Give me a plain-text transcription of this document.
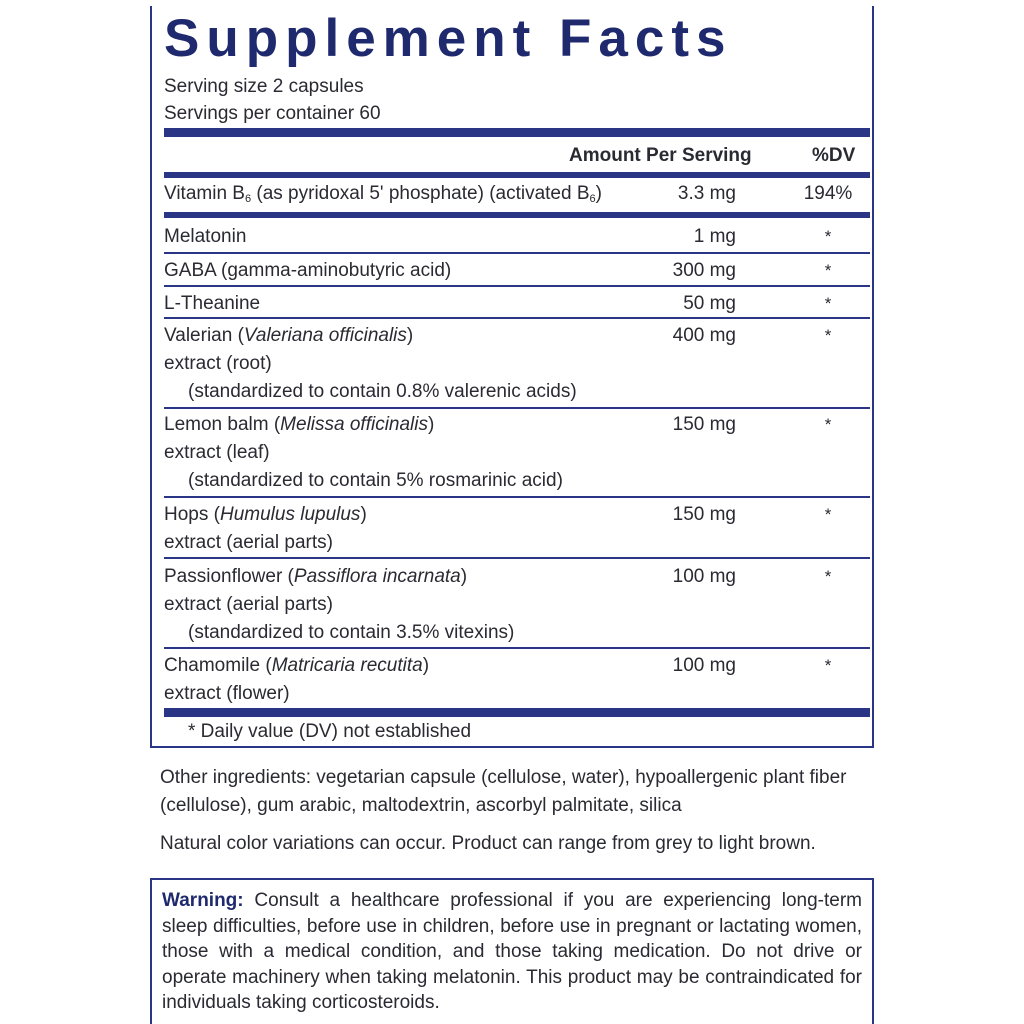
Supplement Facts
Serving size 2 capsules
Servings per container 60
Amount Per Serving	%DV
Vitamin $B_6$ (as pyridoxal 5' phosphate) (activated $B_6$)	3.3 mg	194%
Melatonin	1 mg	*
GABA (gamma-aminobutyric acid)	300 mg	*
L-Theanine	50 mg	*
Valerian (Valeriana officinalis)
extract (root)
(standardized to contain 0.8% valerenic acids)
400 mg	*
Lemon balm (Melissa officinalis)
extract (leaf)
(standardized to contain 5% rosmarinic acid)
150 mg	*
Hops (Humulus lupulus)
extract (aerial parts)
150 mg	*
Passionflower (Passiflora incarnata)
extract (aerial parts)
(standardized to contain 3.5% vitexins)
100 mg	*
Chamomile (Matricaria recutita)
extract (flower)
100 mg	*
* Daily value (DV) not established
Other ingredients: vegetarian capsule (cellulose, water), hypoallergenic plant fiber (cellulose), gum arabic, maltodextrin, ascorbyl palmitate, silica
Natural color variations can occur. Product can range from grey to light brown.
Warning: Consult a healthcare professional if you are experiencing long-term sleep difficulties, before use in children, before use in pregnant or lactating women, those with a medical condition, and those taking medication. Do not drive or operate machinery when taking melatonin. This product may be contraindicated for individuals taking corticosteroids.
